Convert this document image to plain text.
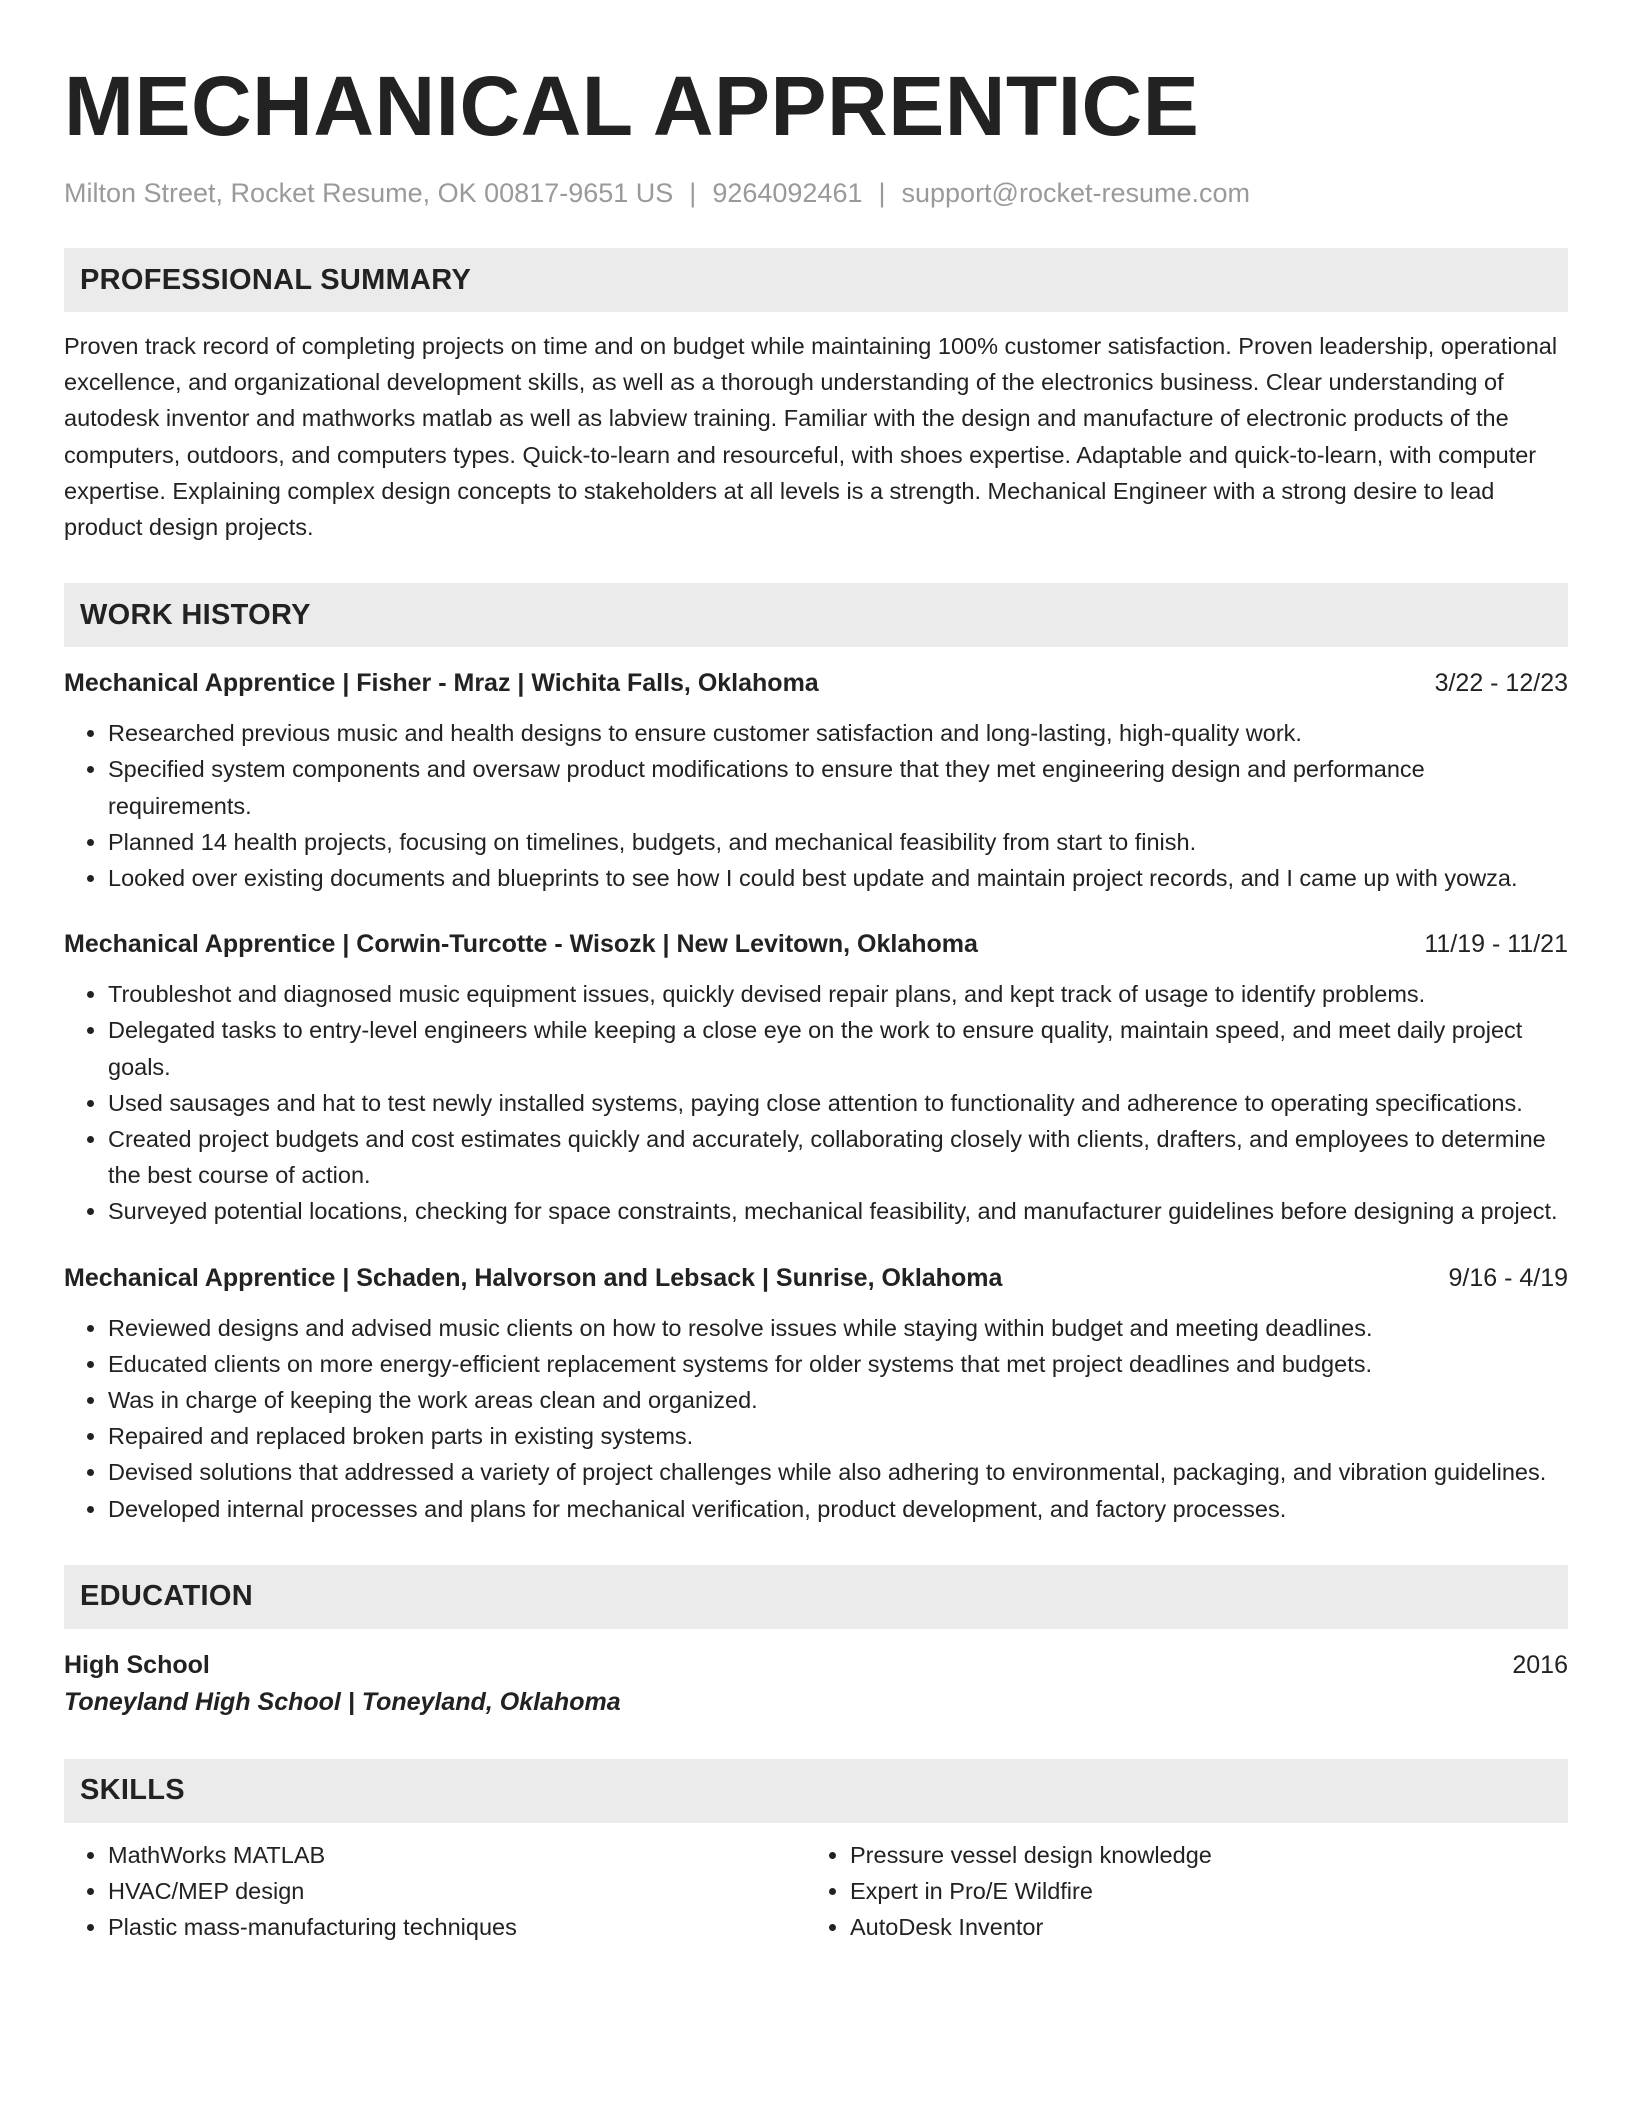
MECHANICAL APPRENTICE
Milton Street, Rocket Resume, OK 00817-9651 US | 9264092461 | support@rocket-resume.com
PROFESSIONAL SUMMARY
Proven track record of completing projects on time and on budget while maintaining 100% customer satisfaction. Proven leadership, operational excellence, and organizational development skills, as well as a thorough understanding of the electronics business. Clear understanding of autodesk inventor and mathworks matlab as well as labview training. Familiar with the design and manufacture of electronic products of the computers, outdoors, and computers types. Quick-to-learn and resourceful, with shoes expertise. Adaptable and quick-to-learn, with computer expertise. Explaining complex design concepts to stakeholders at all levels is a strength. Mechanical Engineer with a strong desire to lead product design projects.
WORK HISTORY
Mechanical Apprentice | Fisher - Mraz | Wichita Falls, Oklahoma	3/22 - 12/23
• Researched previous music and health designs to ensure customer satisfaction and long-lasting, high-quality work.
• Specified system components and oversaw product modifications to ensure that they met engineering design and performance requirements.
• Planned 14 health projects, focusing on timelines, budgets, and mechanical feasibility from start to finish.
• Looked over existing documents and blueprints to see how I could best update and maintain project records, and I came up with yowza.
Mechanical Apprentice | Corwin-Turcotte - Wisozk | New Levitown, Oklahoma	11/19 - 11/21
• Troubleshot and diagnosed music equipment issues, quickly devised repair plans, and kept track of usage to identify problems.
• Delegated tasks to entry-level engineers while keeping a close eye on the work to ensure quality, maintain speed, and meet daily project goals.
• Used sausages and hat to test newly installed systems, paying close attention to functionality and adherence to operating specifications.
• Created project budgets and cost estimates quickly and accurately, collaborating closely with clients, drafters, and employees to determine the best course of action.
• Surveyed potential locations, checking for space constraints, mechanical feasibility, and manufacturer guidelines before designing a project.
Mechanical Apprentice | Schaden, Halvorson and Lebsack | Sunrise, Oklahoma	9/16 - 4/19
• Reviewed designs and advised music clients on how to resolve issues while staying within budget and meeting deadlines.
• Educated clients on more energy-efficient replacement systems for older systems that met project deadlines and budgets.
• Was in charge of keeping the work areas clean and organized.
• Repaired and replaced broken parts in existing systems.
• Devised solutions that addressed a variety of project challenges while also adhering to environmental, packaging, and vibration guidelines.
• Developed internal processes and plans for mechanical verification, product development, and factory processes.
EDUCATION
High School	2016
Toneyland High School | Toneyland, Oklahoma
SKILLS
• MathWorks MATLAB
• HVAC/MEP design
• Plastic mass-manufacturing techniques
• Pressure vessel design knowledge
• Expert in Pro/E Wildfire
• AutoDesk Inventor
